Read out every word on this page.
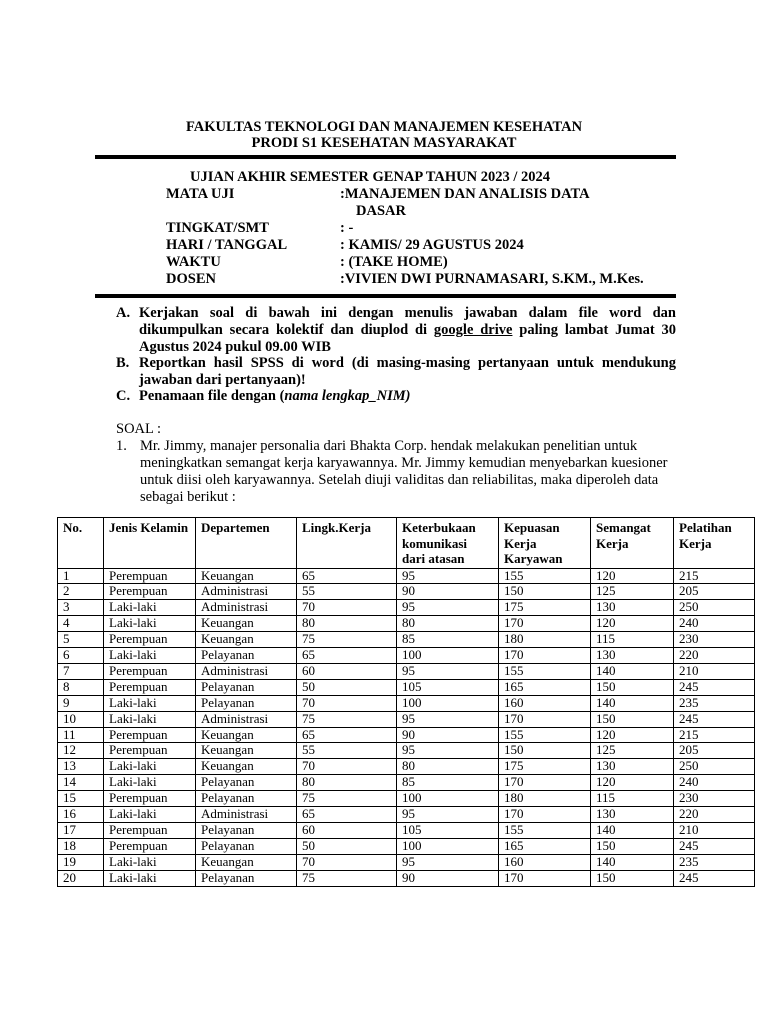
FAKULTAS TEKNOLOGI DAN MANAJEMEN KESEHATAN
PRODI S1 KESEHATAN MASYARAKAT
UJIAN AKHIR SEMESTER GENAP TAHUN 2023 / 2024
MATA UJI	:MANAJEMEN DAN ANALISIS DATA
DASAR
TINGKAT/SMT	: -
HARI / TANGGAL	: KAMIS/ 29 AGUSTUS 2024
WAKTU	: (TAKE HOME)
DOSEN	:VIVIEN DWI PURNAMASARI, S.KM., M.Kes.
A. Kerjakan soal di bawah ini dengan menulis jawaban dalam file word dan dikumpulkan secara kolektif dan diuplod di google drive paling lambat Jumat 30 Agustus 2024 pukul 09.00 WIB
B. Reportkan hasil SPSS di word (di masing-masing pertanyaan untuk mendukung jawaban dari pertanyaan)!
C. Penamaan file dengan (nama lengkap_NIM)
SOAL :
1. Mr. Jimmy, manajer personalia dari Bhakta Corp. hendak melakukan penelitian untuk meningkatkan semangat kerja karyawannya. Mr. Jimmy kemudian menyebarkan kuesioner untuk diisi oleh karyawannya. Setelah diuji validitas dan reliabilitas, maka diperoleh data sebagai berikut :
No.	Jenis Kelamin	Departemen	Lingk.Kerja	Keterbukaan komunikasi dari atasan	Kepuasan Kerja Karyawan	Semangat Kerja	Pelatihan Kerja
1	Perempuan	Keuangan	65	95	155	120	215
2	Perempuan	Administrasi	55	90	150	125	205
3	Laki-laki	Administrasi	70	95	175	130	250
4	Laki-laki	Keuangan	80	80	170	120	240
5	Perempuan	Keuangan	75	85	180	115	230
6	Laki-laki	Pelayanan	65	100	170	130	220
7	Perempuan	Administrasi	60	95	155	140	210
8	Perempuan	Pelayanan	50	105	165	150	245
9	Laki-laki	Pelayanan	70	100	160	140	235
10	Laki-laki	Administrasi	75	95	170	150	245
11	Perempuan	Keuangan	65	90	155	120	215
12	Perempuan	Keuangan	55	95	150	125	205
13	Laki-laki	Keuangan	70	80	175	130	250
14	Laki-laki	Pelayanan	80	85	170	120	240
15	Perempuan	Pelayanan	75	100	180	115	230
16	Laki-laki	Administrasi	65	95	170	130	220
17	Perempuan	Pelayanan	60	105	155	140	210
18	Perempuan	Pelayanan	50	100	165	150	245
19	Laki-laki	Keuangan	70	95	160	140	235
20	Laki-laki	Pelayanan	75	90	170	150	245
